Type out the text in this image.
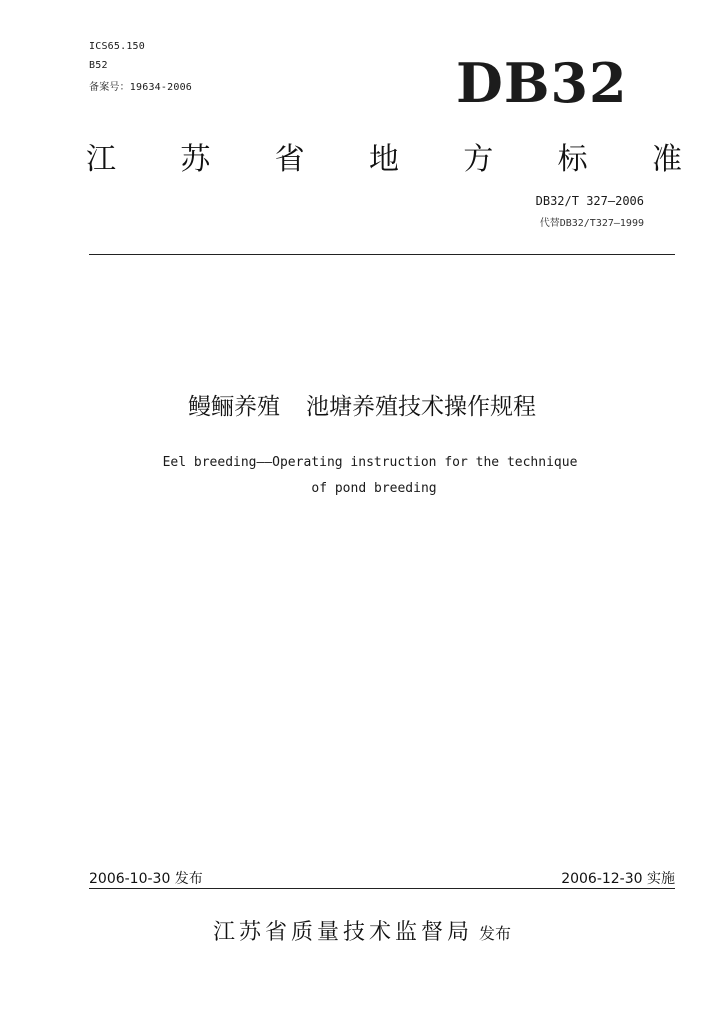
ICS65.150
B52
备案号：19634-2006	DB32
江 苏 省 地 方 标 准
DB32/T 327—2006
代替DB32/T327—1999
鳗鲡养殖 池塘养殖技术操作规程
Eel breeding——Operating instruction for the technique
of pond breeding
2006-10-30 发布	2006-12-30 实施
江苏省质量技术监督局 发布
